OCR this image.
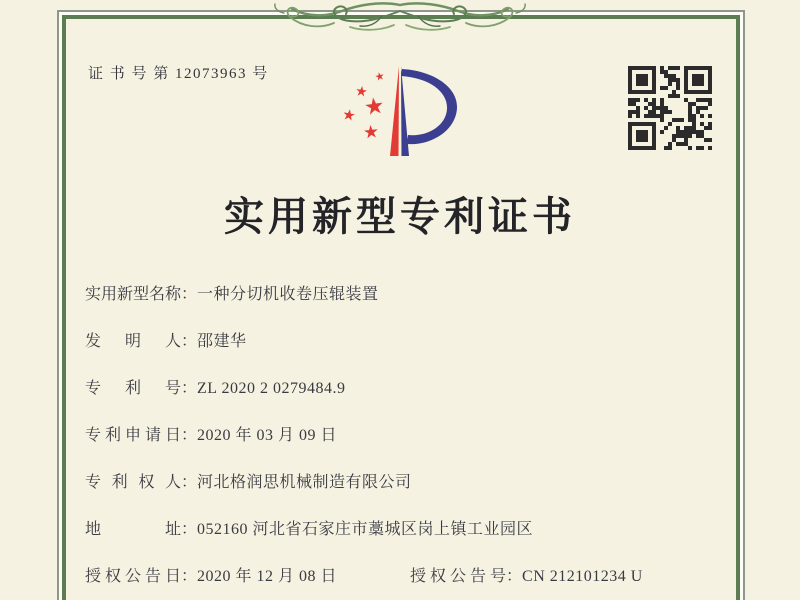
证 书 号 第 12073963 号	★
★
★
★
★
实用新型专利证书
实用新型名称：一种分切机收卷压辊装置
发明人：邵建华
专利号：ZL 2020 2 0279484.9
专利申请日：2020 年 03 月 09 日
专利权人：河北格润思机械制造有限公司
地址：052160 河北省石家庄市藁城区岗上镇工业园区
授权公告日：2020 年 12 月 08 日	授权公告号：CN 212101234 U
